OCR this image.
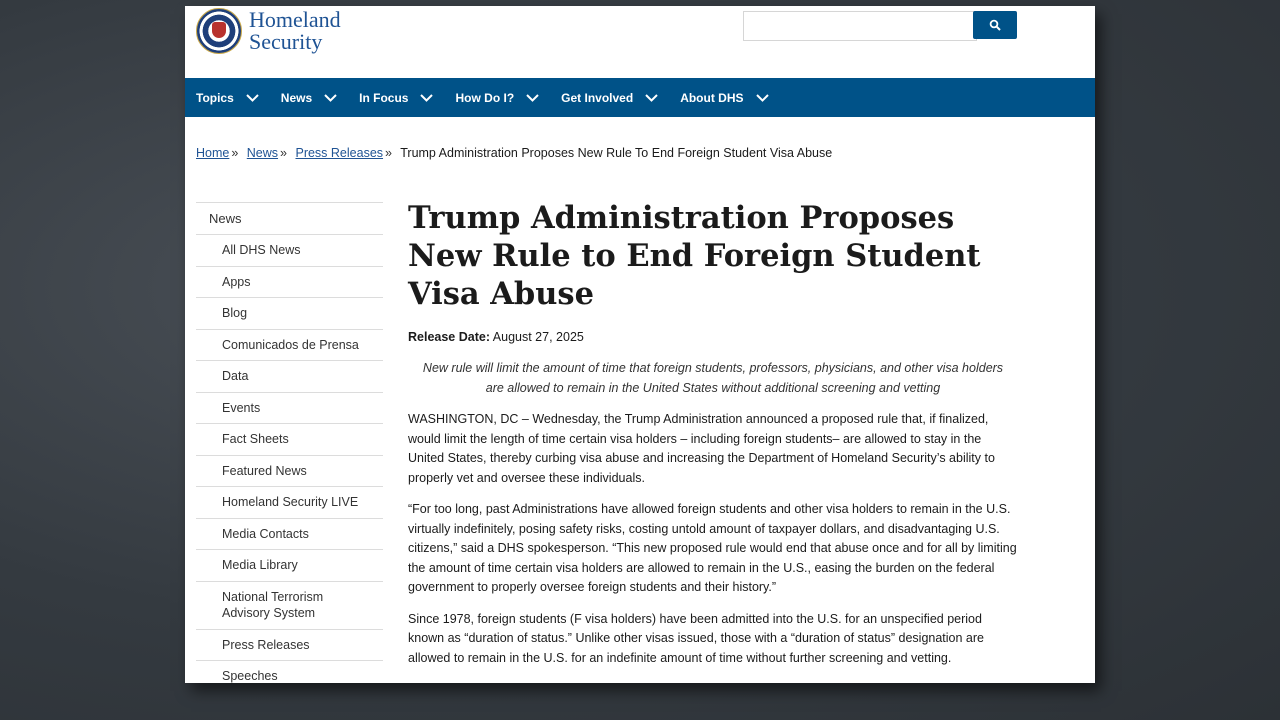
Homeland
Security
Topics	News	In Focus	How Do I?	Get Involved	About DHS
Home » News » Press Releases » Trump Administration Proposes New Rule To End Foreign Student Visa Abuse
News
All DHS News
Apps
Blog
Comunicados de Prensa
Data
Events
Fact Sheets
Featured News
Homeland Security LIVE
Media Contacts
Media Library
National Terrorism Advisory System
Press Releases
Speeches
Trump Administration Proposes New Rule to End Foreign Student Visa Abuse
Release Date: August 27, 2025
New rule will limit the amount of time that foreign students, professors, physicians, and other visa holders are allowed to remain in the United States without additional screening and vetting
WASHINGTON, DC – Wednesday, the Trump Administration announced a proposed rule that, if finalized, would limit the length of time certain visa holders – including foreign students– are allowed to stay in the United States, thereby curbing visa abuse and increasing the Department of Homeland Security’s ability to properly vet and oversee these individuals.
“For too long, past Administrations have allowed foreign students and other visa holders to remain in the U.S. virtually indefinitely, posing safety risks, costing untold amount of taxpayer dollars, and disadvantaging U.S. citizens,” said a DHS spokesperson. “This new proposed rule would end that abuse once and for all by limiting the amount of time certain visa holders are allowed to remain in the U.S., easing the burden on the federal government to properly oversee foreign students and their history.”
Since 1978, foreign students (F visa holders) have been admitted into the U.S. for an unspecified period known as “duration of status.” Unlike other visas issued, those with a “duration of status” designation are allowed to remain in the U.S. for an indefinite amount of time without further screening and vetting.
